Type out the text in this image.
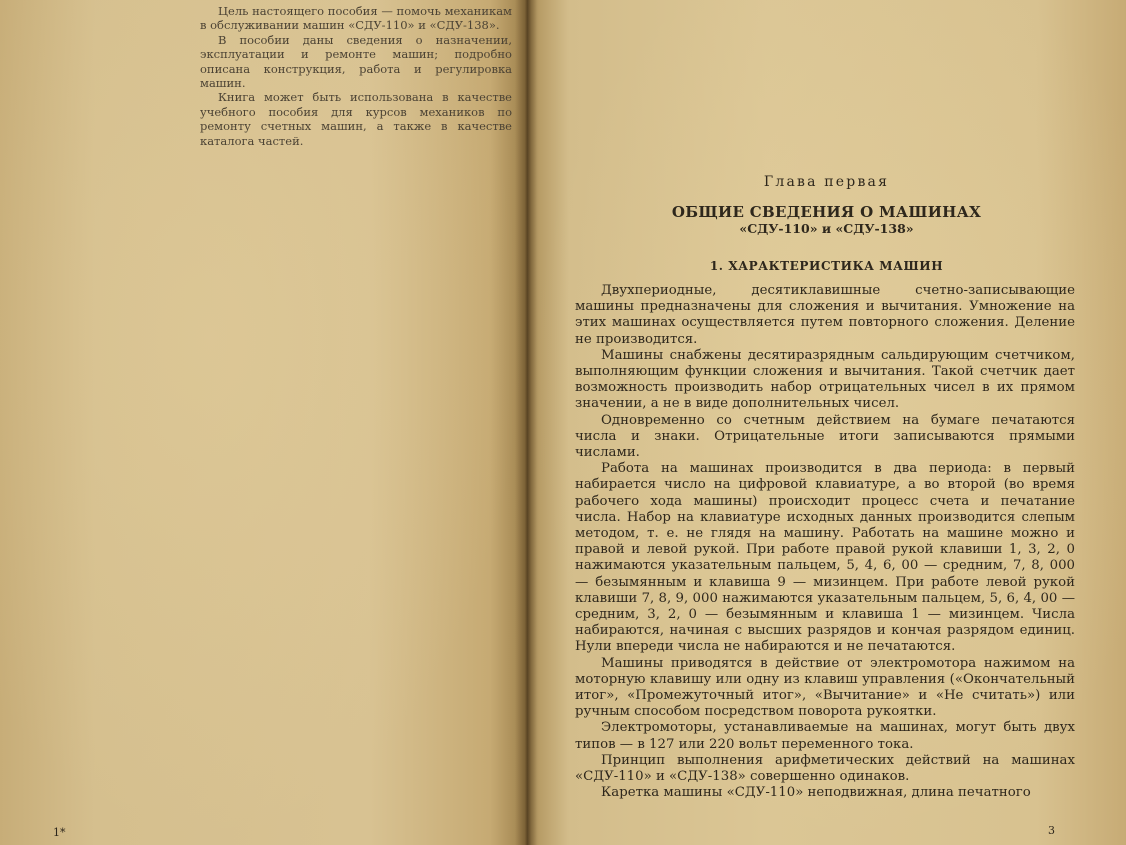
Цель настоящего пособия — помочь механикам в обслуживании машин «СДУ-110» и «СДУ-138».

В пособии даны сведения о назначении, эксплуатации и ремонте машин; подробно описана конструкция, работа и регулировка машин.

Книга может быть использована в качестве учебного пособия для курсов механиков по ремонту счетных машин, а также в качестве каталога частей.

1*
Глава первая
ОБЩИЕ СВЕДЕНИЯ О МАШИНАХ
«СДУ-110» и «СДУ-138»
1. ХАРАКТЕРИСТИКА МАШИН

Двухпериодные, десятиклавишные счетно-записывающие машины предназначены для сложения и вычитания. Умножение на этих машинах осуществляется путем повторного сложения. Деление не производится.

Машины снабжены десятиразрядным сальдирующим счетчиком, выполняющим функции сложения и вычитания. Такой счетчик дает возможность производить набор отрицательных чисел в их прямом значении, а не в виде дополнительных чисел.

Одновременно со счетным действием на бумаге печатаются числа и знаки. Отрицательные итоги записываются прямыми числами.

Работа на машинах производится в два периода: в первый набирается число на цифровой клавиатуре, а во второй (во время рабочего хода машины) происходит процесс счета и печатание числа. Набор на клавиатуре исходных данных производится слепым методом, т. е. не глядя на машину. Работать на машине можно и правой и левой рукой. При работе правой рукой клавиши 1, 3, 2, 0 нажимаются указательным пальцем, 5, 4, 6, 00 — средним, 7, 8, 000 — безымянным и клавиша 9 — мизинцем. При работе левой рукой клавиши 7, 8, 9, 000 нажимаются указательным пальцем, 5, 6, 4, 00 — средним, 3, 2, 0 — безымянным и клавиша 1 — мизинцем. Числа набираются, начиная с высших разрядов и кончая разрядом единиц. Нули впереди числа не набираются и не печатаются.

Машины приводятся в действие от электромотора нажимом на моторную клавишу или одну из клавиш управления («Окончательный итог», «Промежуточный итог», «Вычитание» и «Не считать») или ручным способом посредством поворота рукоятки.

Электромоторы, устанавливаемые на машинах, могут быть двух типов — в 127 или 220 вольт переменного тока.

Принцип выполнения арифметических действий на машинах «СДУ-110» и «СДУ-138» совершенно одинаков.

Каретка машины «СДУ-110» неподвижная, длина печатного

3
